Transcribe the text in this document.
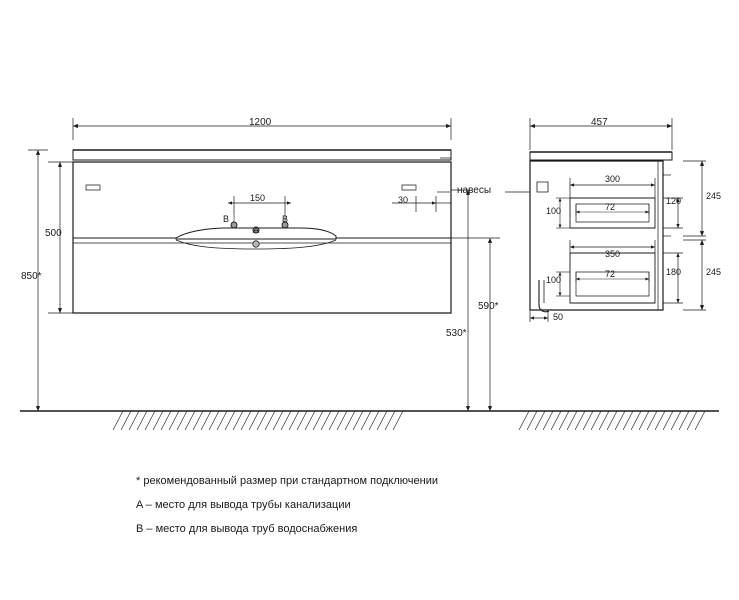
1200	457
150	30
B	B
A
500
850*
590*
530*
навесы
300
72
100
120	245
350
72
100
180	245
50
* рекомендованный размер при стандартном подключении
A – место для вывода трубы канализации
B – место для вывода труб водоснабжения
